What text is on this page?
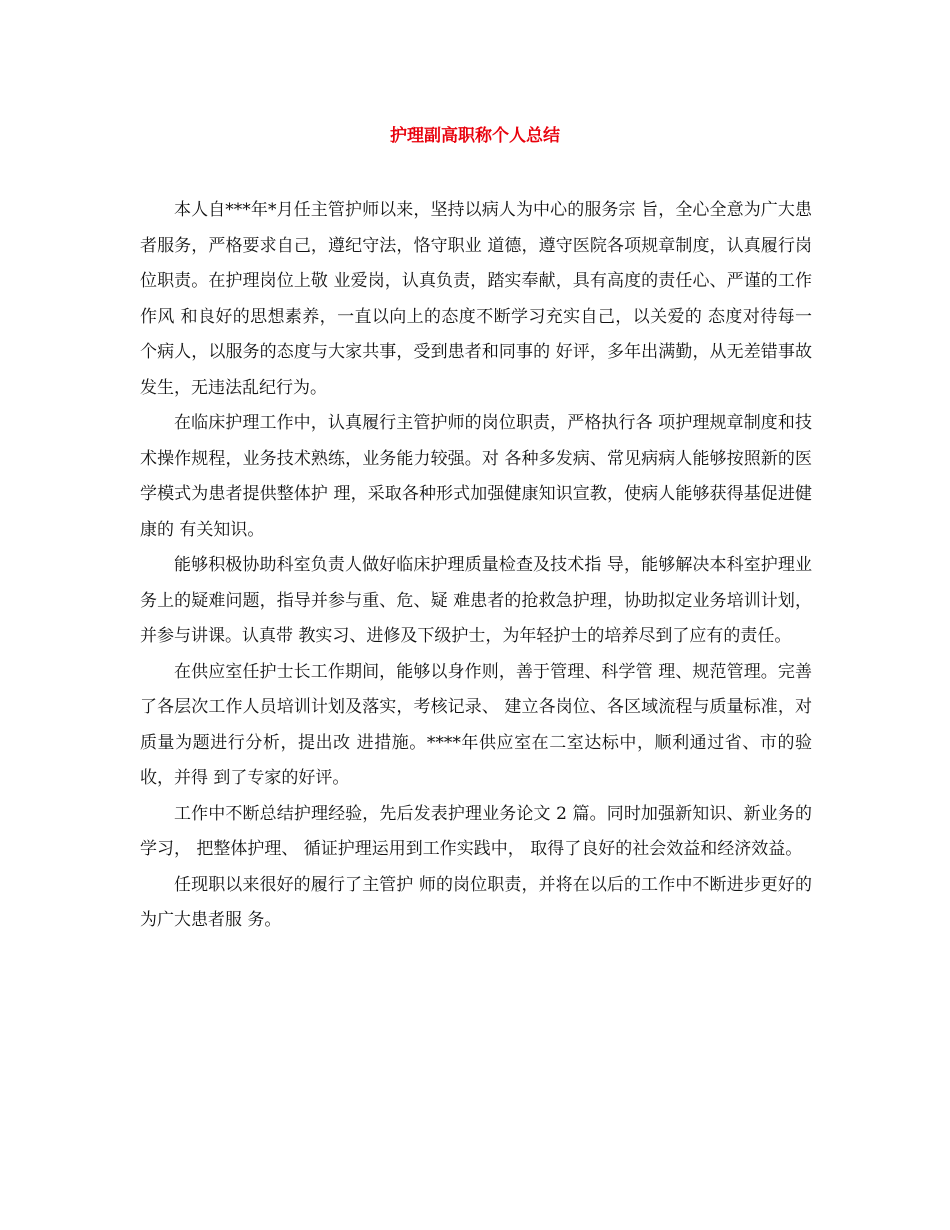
护理副高职称个人总结

本人自***年*月任主管护师以来，坚持以病人为中心的服务宗 旨，全心全意为广大患者服务，严格要求自己，遵纪守法，恪守职业 道德，遵守医院各项规章制度，认真履行岗位职责。在护理岗位上敬 业爱岗，认真负责，踏实奉献，具有高度的责任心、严谨的工作作风 和良好的思想素养，一直以向上的态度不断学习充实自己，以关爱的 态度对待每一个病人，以服务的态度与大家共事，受到患者和同事的 好评，多年出满勤，从无差错事故发生，无违法乱纪行为。

在临床护理工作中，认真履行主管护师的岗位职责，严格执行各 项护理规章制度和技术操作规程，业务技术熟练，业务能力较强。对 各种多发病、常见病病人能够按照新的医学模式为患者提供整体护 理，采取各种形式加强健康知识宣教，使病人能够获得基促进健康的 有关知识。

能够积极协助科室负责人做好临床护理质量检查及技术指 导，能够解决本科室护理业务上的疑难问题，指导并参与重、危、疑 难患者的抢救急护理，协助拟定业务培训计划，并参与讲课。认真带 教实习、进修及下级护士，为年轻护士的培养尽到了应有的责任。

在供应室任护士长工作期间，能够以身作则，善于管理、科学管 理、规范管理。完善了各层次工作人员培训计划及落实，考核记录、 建立各岗位、各区域流程与质量标准，对质量为题进行分析，提出改 进措施。****年供应室在二室达标中，顺利通过省、市的验收，并得 到了专家的好评。

工作中不断总结护理经验，先后发表护理业务论文 2 篇。同时加强新知识、新业务的学习， 把整体护理、 循证护理运用到工作实践中， 取得了良好的社会效益和经济效益。

任现职以来很好的履行了主管护 师的岗位职责，并将在以后的工作中不断进步更好的为广大患者服 务。
